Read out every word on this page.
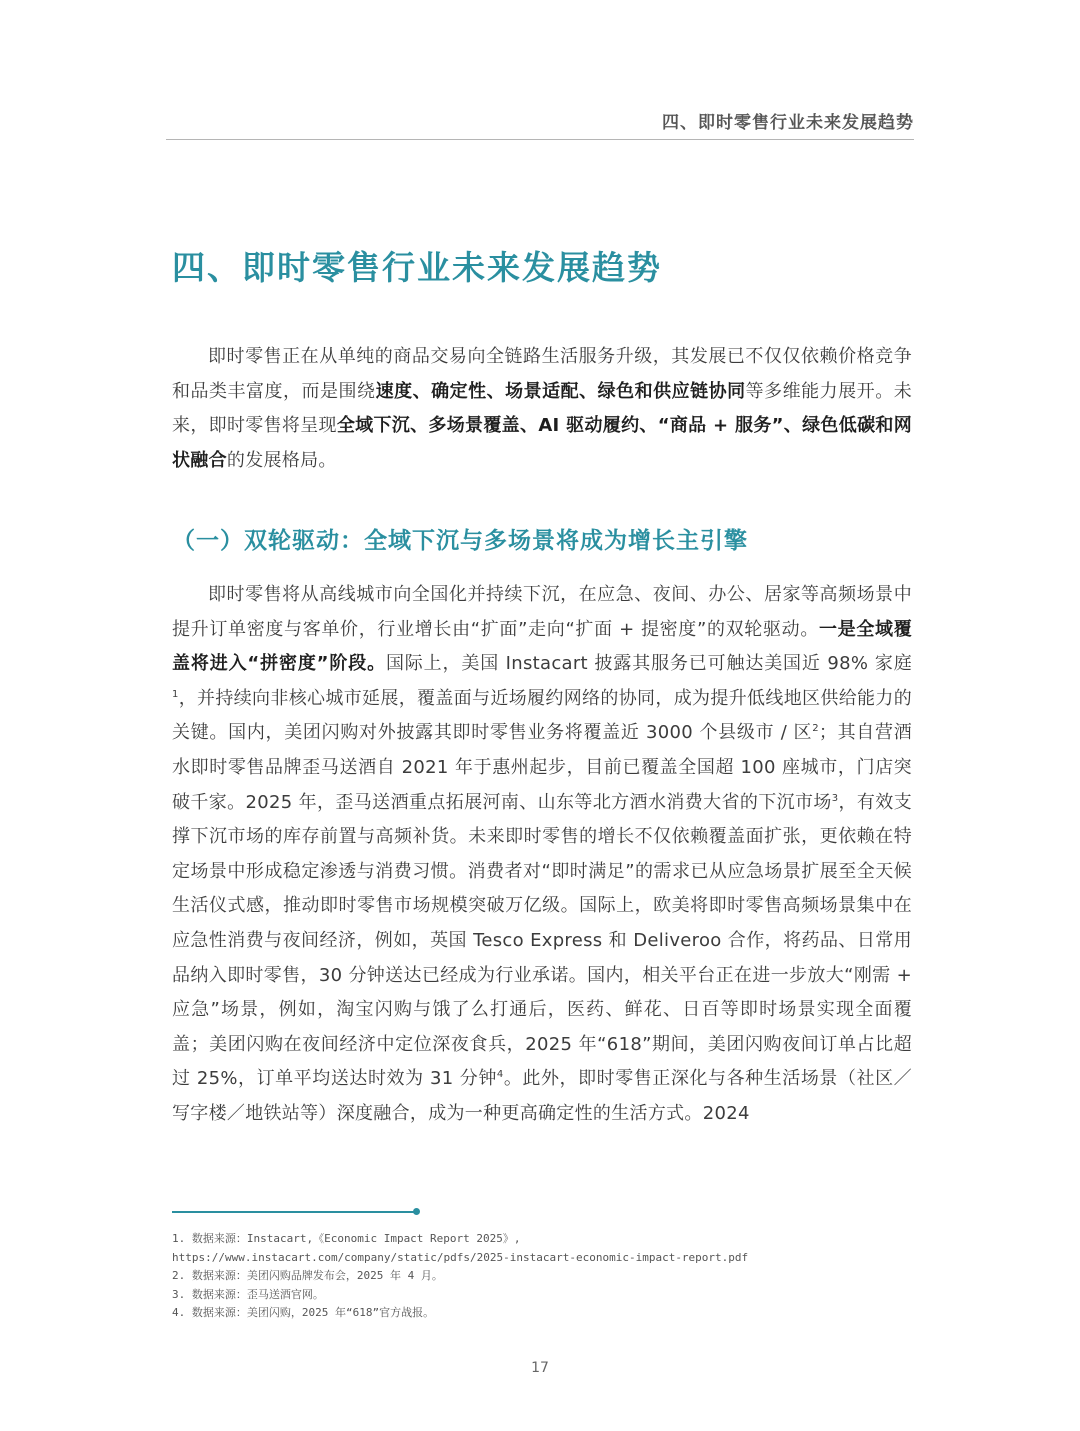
四、即时零售行业未来发展趋势
四、即时零售行业未来发展趋势

即时零售正在从单纯的商品交易向全链路生活服务升级，其发展已不仅仅依赖价格竞争和品类丰富度，而是围绕速度、确定性、场景适配、绿色和供应链协同等多维能力展开。未来，即时零售将呈现全域下沉、多场景覆盖、AI 驱动履约、“商品 + 服务”、绿色低碳和网状融合的发展格局。

（一）双轮驱动：全域下沉与多场景将成为增长主引擎

即时零售将从高线城市向全国化并持续下沉，在应急、夜间、办公、居家等高频场景中提升订单密度与客单价，行业增长由“扩面”走向“扩面 + 提密度”的双轮驱动。一是全域覆盖将进入“拼密度”阶段。国际上，美国 Instacart 披露其服务已可触达美国近 98% 家庭$^1$，并持续向非核心城市延展，覆盖面与近场履约网络的协同，成为提升低线地区供给能力的关键。国内，美团闪购对外披露其即时零售业务将覆盖近 3000 个县级市 / 区$^2$；其自营酒水即时零售品牌歪马送酒自 2021 年于惠州起步，目前已覆盖全国超 100 座城市，门店突破千家。2025 年，歪马送酒重点拓展河南、山东等北方酒水消费大省的下沉市场$^3$，有效支撑下沉市场的库存前置与高频补货。未来即时零售的增长不仅依赖覆盖面扩张，更依赖在特定场景中形成稳定渗透与消费习惯。消费者对“即时满足”的需求已从应急场景扩展至全天候生活仪式感，推动即时零售市场规模突破万亿级。国际上，欧美将即时零售高频场景集中在应急性消费与夜间经济，例如，英国 Tesco Express 和 Deliveroo 合作，将药品、日常用品纳入即时零售，30 分钟送达已经成为行业承诺。国内，相关平台正在进一步放大“刚需 + 应急”场景，例如，淘宝闪购与饿了么打通后，医药、鲜花、日百等即时场景实现全面覆盖；美团闪购在夜间经济中定位深夜食兵，2025 年“618”期间，美团闪购夜间订单占比超过 25%，订单平均送达时效为 31 分钟$^4$。此外，即时零售正深化与各种生活场景（社区／写字楼／地铁站等）深度融合，成为一种更高确定性的生活方式。2024

1. 数据来源：Instacart,《Economic Impact Report 2025》,
https://www.instacart.com/company/static/pdfs/2025-instacart-economic-impact-report.pdf
2. 数据来源：美团闪购品牌发布会，2025 年 4 月。
3. 数据来源：歪马送酒官网。
4. 数据来源：美团闪购，2025 年“618”官方战报。
17
